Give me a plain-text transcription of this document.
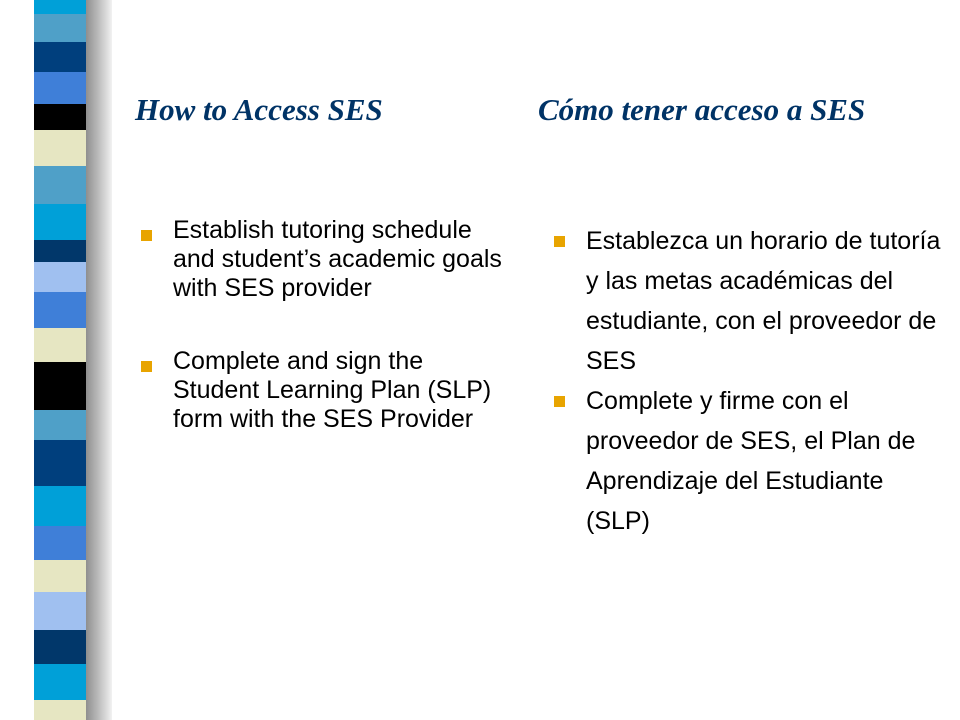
How to Access SES	Cómo tener acceso a SES

Establish tutoring schedule and student’s academic goals with SES provider

Complete and sign the Student Learning Plan (SLP) form with the SES Provider

Establezca un horario de tutoría y las metas académicas del estudiante, con el proveedor de SES

Complete y firme con el proveedor de SES, el Plan de Aprendizaje del Estudiante (SLP)
